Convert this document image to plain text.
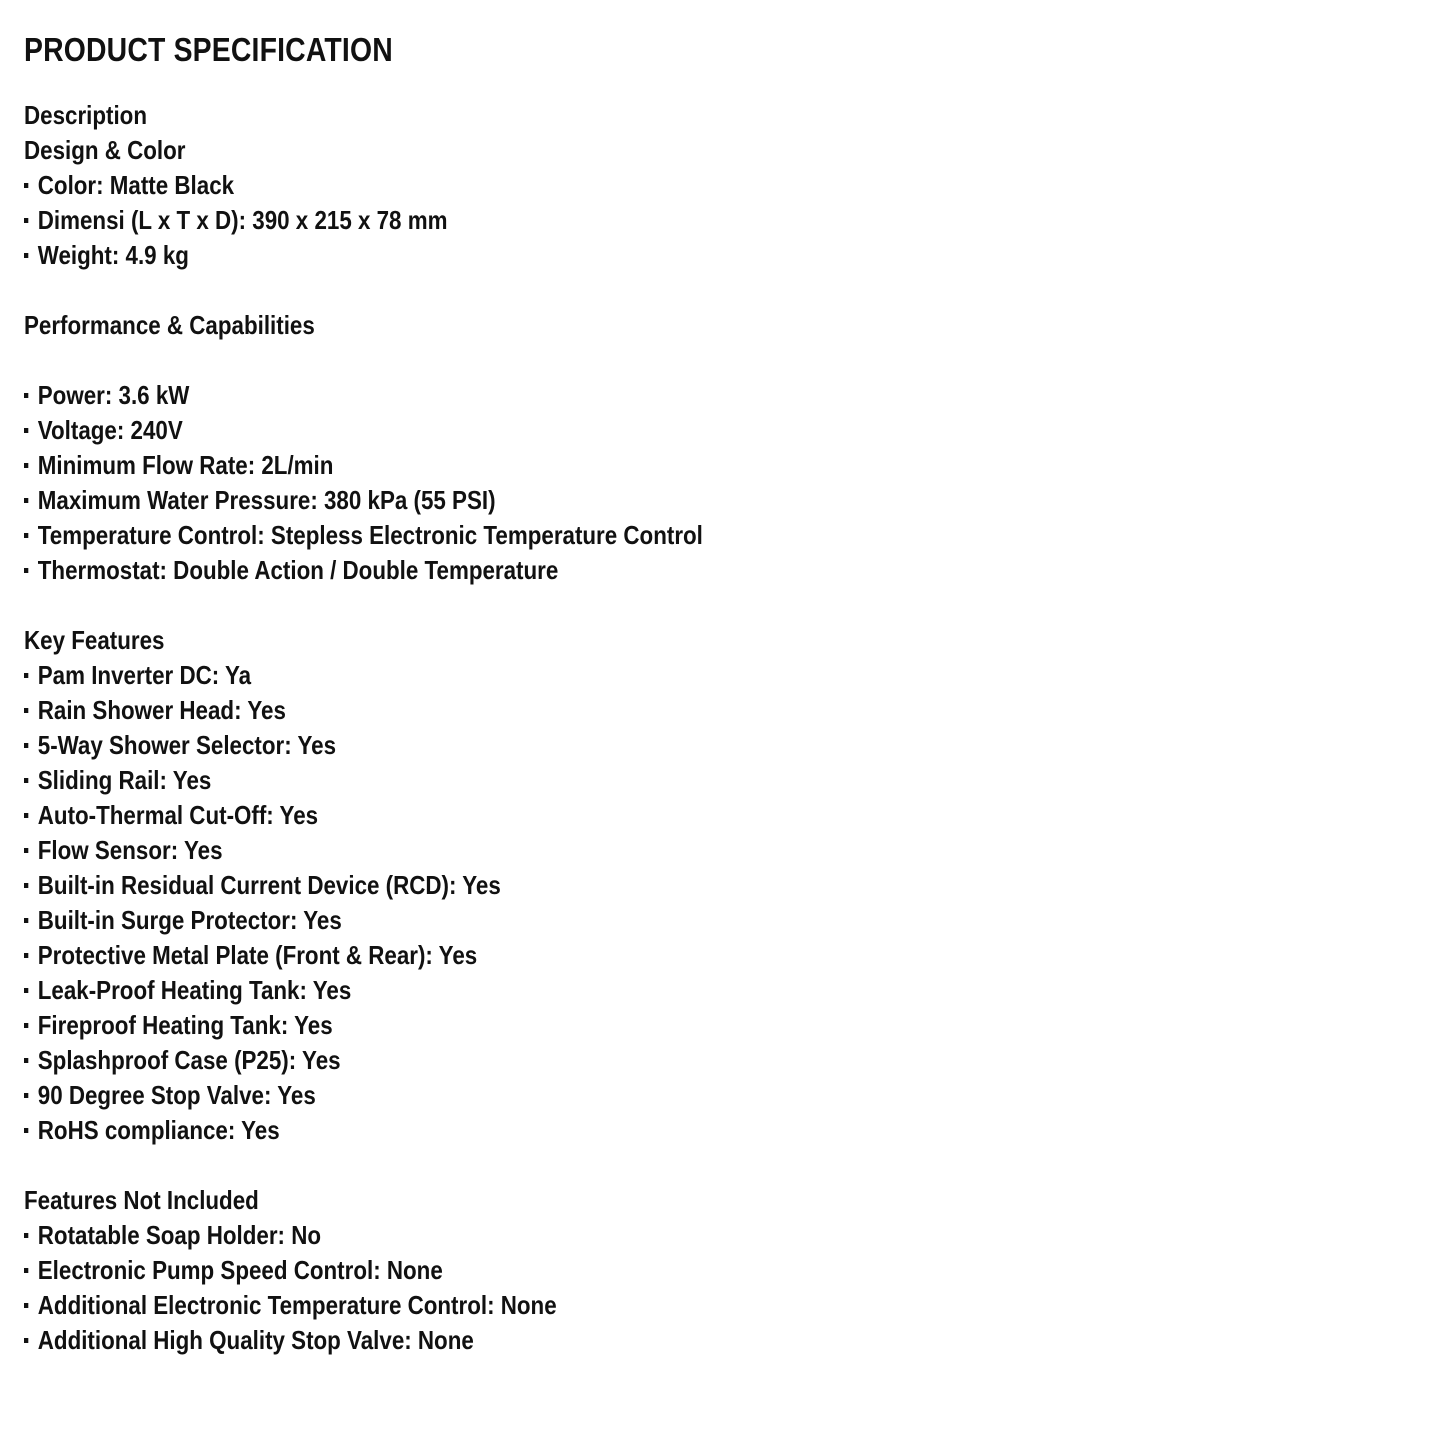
PRODUCT SPECIFICATION
Description
Design & Color
Color: Matte Black
Dimensi (L x T x D): 390 x 215 x 78 mm
Weight: 4.9 kg
Performance & Capabilities
Power: 3.6 kW
Voltage: 240V
Minimum Flow Rate: 2L/min
Maximum Water Pressure: 380 kPa (55 PSI)
Temperature Control: Stepless Electronic Temperature Control
Thermostat: Double Action / Double Temperature
Key Features
Pam Inverter DC: Ya
Rain Shower Head: Yes
5-Way Shower Selector: Yes
Sliding Rail: Yes
Auto-Thermal Cut-Off: Yes
Flow Sensor: Yes
Built-in Residual Current Device (RCD): Yes
Built-in Surge Protector: Yes
Protective Metal Plate (Front & Rear): Yes
Leak-Proof Heating Tank: Yes
Fireproof Heating Tank: Yes
Splashproof Case (P25): Yes
90 Degree Stop Valve: Yes
RoHS compliance: Yes
Features Not Included
Rotatable Soap Holder: No
Electronic Pump Speed Control: None
Additional Electronic Temperature Control: None
Additional High Quality Stop Valve: None
